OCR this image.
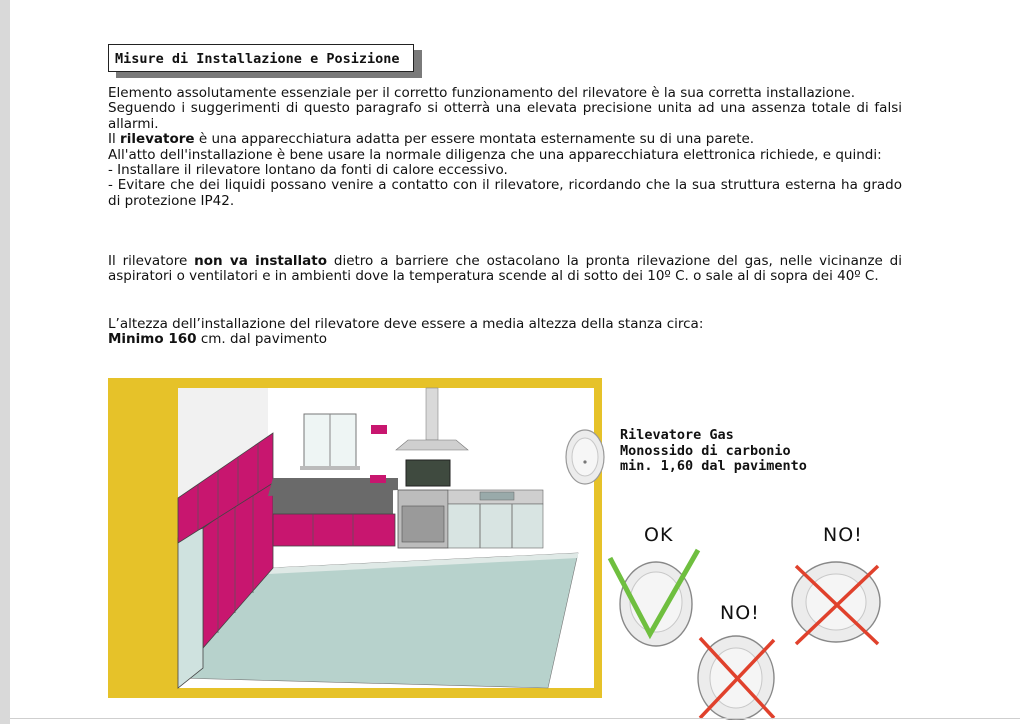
Misure di Installazione e Posizione

Elemento assolutamente essenziale per il corretto funzionamento del rilevatore è la sua corretta installazione.

Seguendo i suggerimenti di questo paragrafo si otterrà una elevata precisione unita ad una assenza totale di falsi allarmi.

Il rilevatore è una apparecchiatura adatta per essere montata esternamente su di una parete.

All'atto dell'installazione è bene usare la normale diligenza che una apparecchiatura elettronica richiede, e quindi:

- Installare il rilevatore lontano da fonti di calore eccessivo.

- Evitare che dei liquidi possano venire a contatto con il rilevatore, ricordando che la sua struttura esterna ha grado di protezione IP42.

Il rilevatore non va installato dietro a barriere che ostacolano la pronta rilevazione del gas, nelle vicinanze di aspiratori o ventilatori e in ambienti dove la temperatura scende al di sotto dei 10º C. o sale al di sopra dei 40º C.

L’altezza dell’installazione del rilevatore deve essere a media altezza della stanza circa:

Minimo 160 cm. dal pavimento

Rilevatore Gas
Monossido di carbonio
min. 1,60 dal pavimento
OK	NO!
NO!
